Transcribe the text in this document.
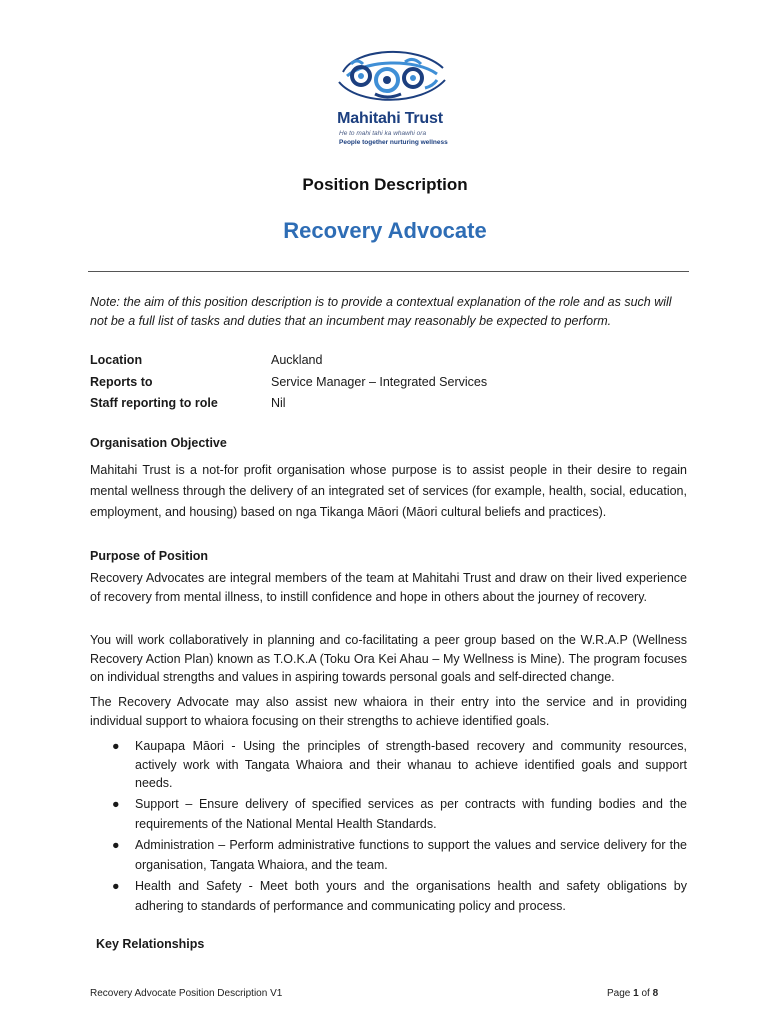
Mahitahi Trust
He to mahi tahi ka whawhi ora
People together nurturing wellness
Position Description
Recovery Advocate
Note: the aim of this position description is to provide a contextual explanation of the role and as such will not be a full list of tasks and duties that an incumbent may reasonably be expected to perform.
Location	Auckland
Reports to	Service Manager – Integrated Services
Staff reporting to role	Nil
Organisation Objective
Mahitahi Trust is a not-for profit organisation whose purpose is to assist people in their desire to regain mental wellness through the delivery of an integrated set of services (for example, health, social, education, employment, and housing) based on nga Tikanga Māori (Māori cultural beliefs and practices).
Purpose of Position
Recovery Advocates are integral members of the team at Mahitahi Trust and draw on their lived experience of recovery from mental illness, to instill confidence and hope in others about the journey of recovery.
You will work collaboratively in planning and co-facilitating a peer group based on the W.R.A.P (Wellness Recovery Action Plan) known as T.O.K.A (Toku Ora Kei Ahau – My Wellness is Mine). The program focuses on individual strengths and values in aspiring towards personal goals and self-directed change.
The Recovery Advocate may also assist new whaiora in their entry into the service and in providing individual support to whaiora focusing on their strengths to achieve identified goals.
● Kaupapa Māori - Using the principles of strength-based recovery and community resources, actively work with Tangata Whaiora and their whanau to achieve identified goals and support needs.
● Support – Ensure delivery of specified services as per contracts with funding bodies and the requirements of the National Mental Health Standards.
● Administration – Perform administrative functions to support the values and service delivery for the organisation, Tangata Whaiora, and the team.
● Health and Safety - Meet both yours and the organisations health and safety obligations by adhering to standards of performance and communicating policy and process.
Key Relationships
Recovery Advocate Position Description V1	Page 1 of 8
